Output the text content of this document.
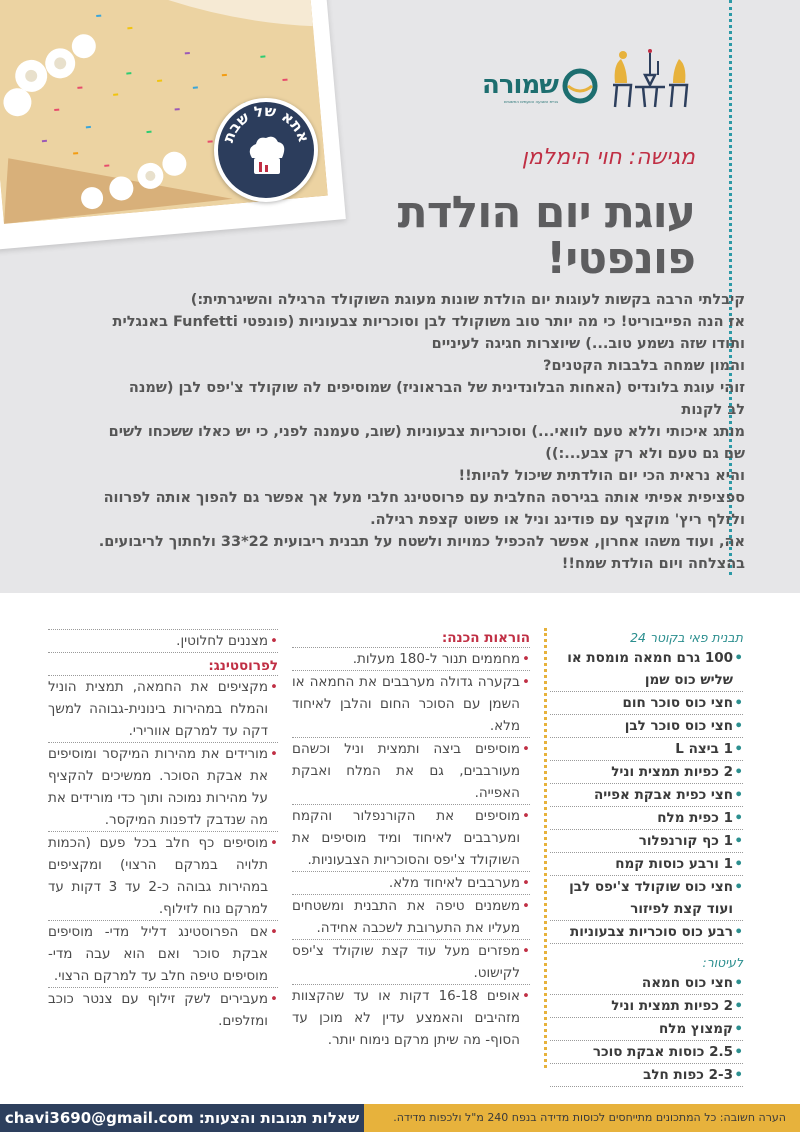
אתא של שבת
שמורה
בניית השבעה הטעמים החשובים
מגישה: חוי הימלמן
עוגת יום הולדת
פונפטי!

קיבלתי הרבה בקשות לעוגות יום הולדת שונות מעוגת השוקולד הרגילה והשיגרתית:)

אז הנה הפייבוריט! כי מה יותר טוב משוקולד לבן וסוכריות צבעוניות (פונפטי Funfetti באנגלית

ותודו שזה נשמע טוב...) שיוצרות חגיגה לעיניים

והמון שמחה בלבבות הקטנים?

זוהי עוגת בלונדיס (האחות הבלונדינית של הבראוניז) שמוסיפים לה שוקולד צ'יפס לבן (שמנה

לב לקנות

מותג איכותי וללא טעם לוואי...) וסוכריות צבעוניות (שוב, טעמנה לפני, כי יש כאלו ששכחו לשים

שם גם טעם ולא רק צבע...:))

והיא נראית הכי יום הולדתית שיכול להיות!!

ספציפית אפיתי אותה בגירסה החלבית עם פרוסטינג חלבי מעל אך אפשר גם להפוך אותה לפרווה

ולזלף ריץ' מוקצף עם פודינג וניל או פשוט קצפת רגילה.

אה, ועוד משהו אחרון, אפשר להכפיל כמויות ולשטח על תבנית ריבועית 22*33 ולחתוך לריבועים.

בהצלחה ויום הולדת שמח!!

תבנית פאי בקוטר 24
• 100 גרם חמאה מומסת או שליש כוס שמן
• חצי כוס סוכר חום
• חצי כוס סוכר לבן
• 1 ביצה L
• 2 כפיות תמצית וניל
• חצי כפית אבקת אפייה
• 1 כפית מלח
• 1 כף קורנפלור
• 1 ורבע כוסות קמח
• חצי כוס שוקולד צ'יפס לבן ועוד קצת לפיזור
• רבע כוס סוכריות צבעוניות
לעיטור:
• חצי כוס חמאה
• 2 כפיות תמצית וניל
• קמצוץ מלח
• 2.5 כוסות אבקת סוכר
• 2-3 כפות חלב
הוראות הכנה:
• מחממים תנור ל-180 מעלות.
• בקערה גדולה מערבבים את החמאה או השמן עם הסוכר החום והלבן לאיחוד מלא.
• מוסיפים ביצה ותמצית וניל וכשהם מעורבבים, גם את המלח ואבקת האפייה.
• מוסיפים את הקורנפלור והקמח ומערבבים לאיחוד ומיד מוסיפים את השוקולד צ'יפס והסוכריות הצבעוניות.
• מערבבים לאיחוד מלא.
• משמנים טיפה את התבנית ומשטחים מעליו את התערובת לשכבה אחידה.
• מפזרים מעל עוד קצת שוקולד צ'יפס לקישוט.
• אופים 16-18 דקות או עד שהקצוות מזהיבים והאמצע עדין לא מוכן עד הסוף- מה שיתן מרקם נימוח יותר.
• מצננים לחלוטין.
לפרוסטינג:
• מקציפים את החמאה, תמצית הוניל והמלח במהירות בינונית-גבוהה למשך דקה עד למרקם אוורירי.
• מורידים את מהירות המיקסר ומוסיפים את אבקת הסוכר. ממשיכים להקציף על מהירות נמוכה ותוך כדי מורידים את מה שנדבק לדפנות המיקסר.
• מוסיפים כף חלב בכל פעם (הכמות תלויה במרקם הרצוי) ומקציפים במהירות גבוהה כ-2 עד 3 דקות עד למרקם נוח לזילוף.
• אם הפרוסטינג דליל מדי- מוסיפים אבקת סוכר ואם הוא עבה מדי- מוסיפים טיפה חלב עד למרקם הרצוי.
• מעבירים לשק זילוף עם צנטר כוכב ומזלפים.
שאלות תגובות והצעות: chavi3690@gmail.com	הערה חשובה: כל המתכונים מתייחסים לכוסות מדידה בנפח 240 מ"ל ולכפות מדידה.
